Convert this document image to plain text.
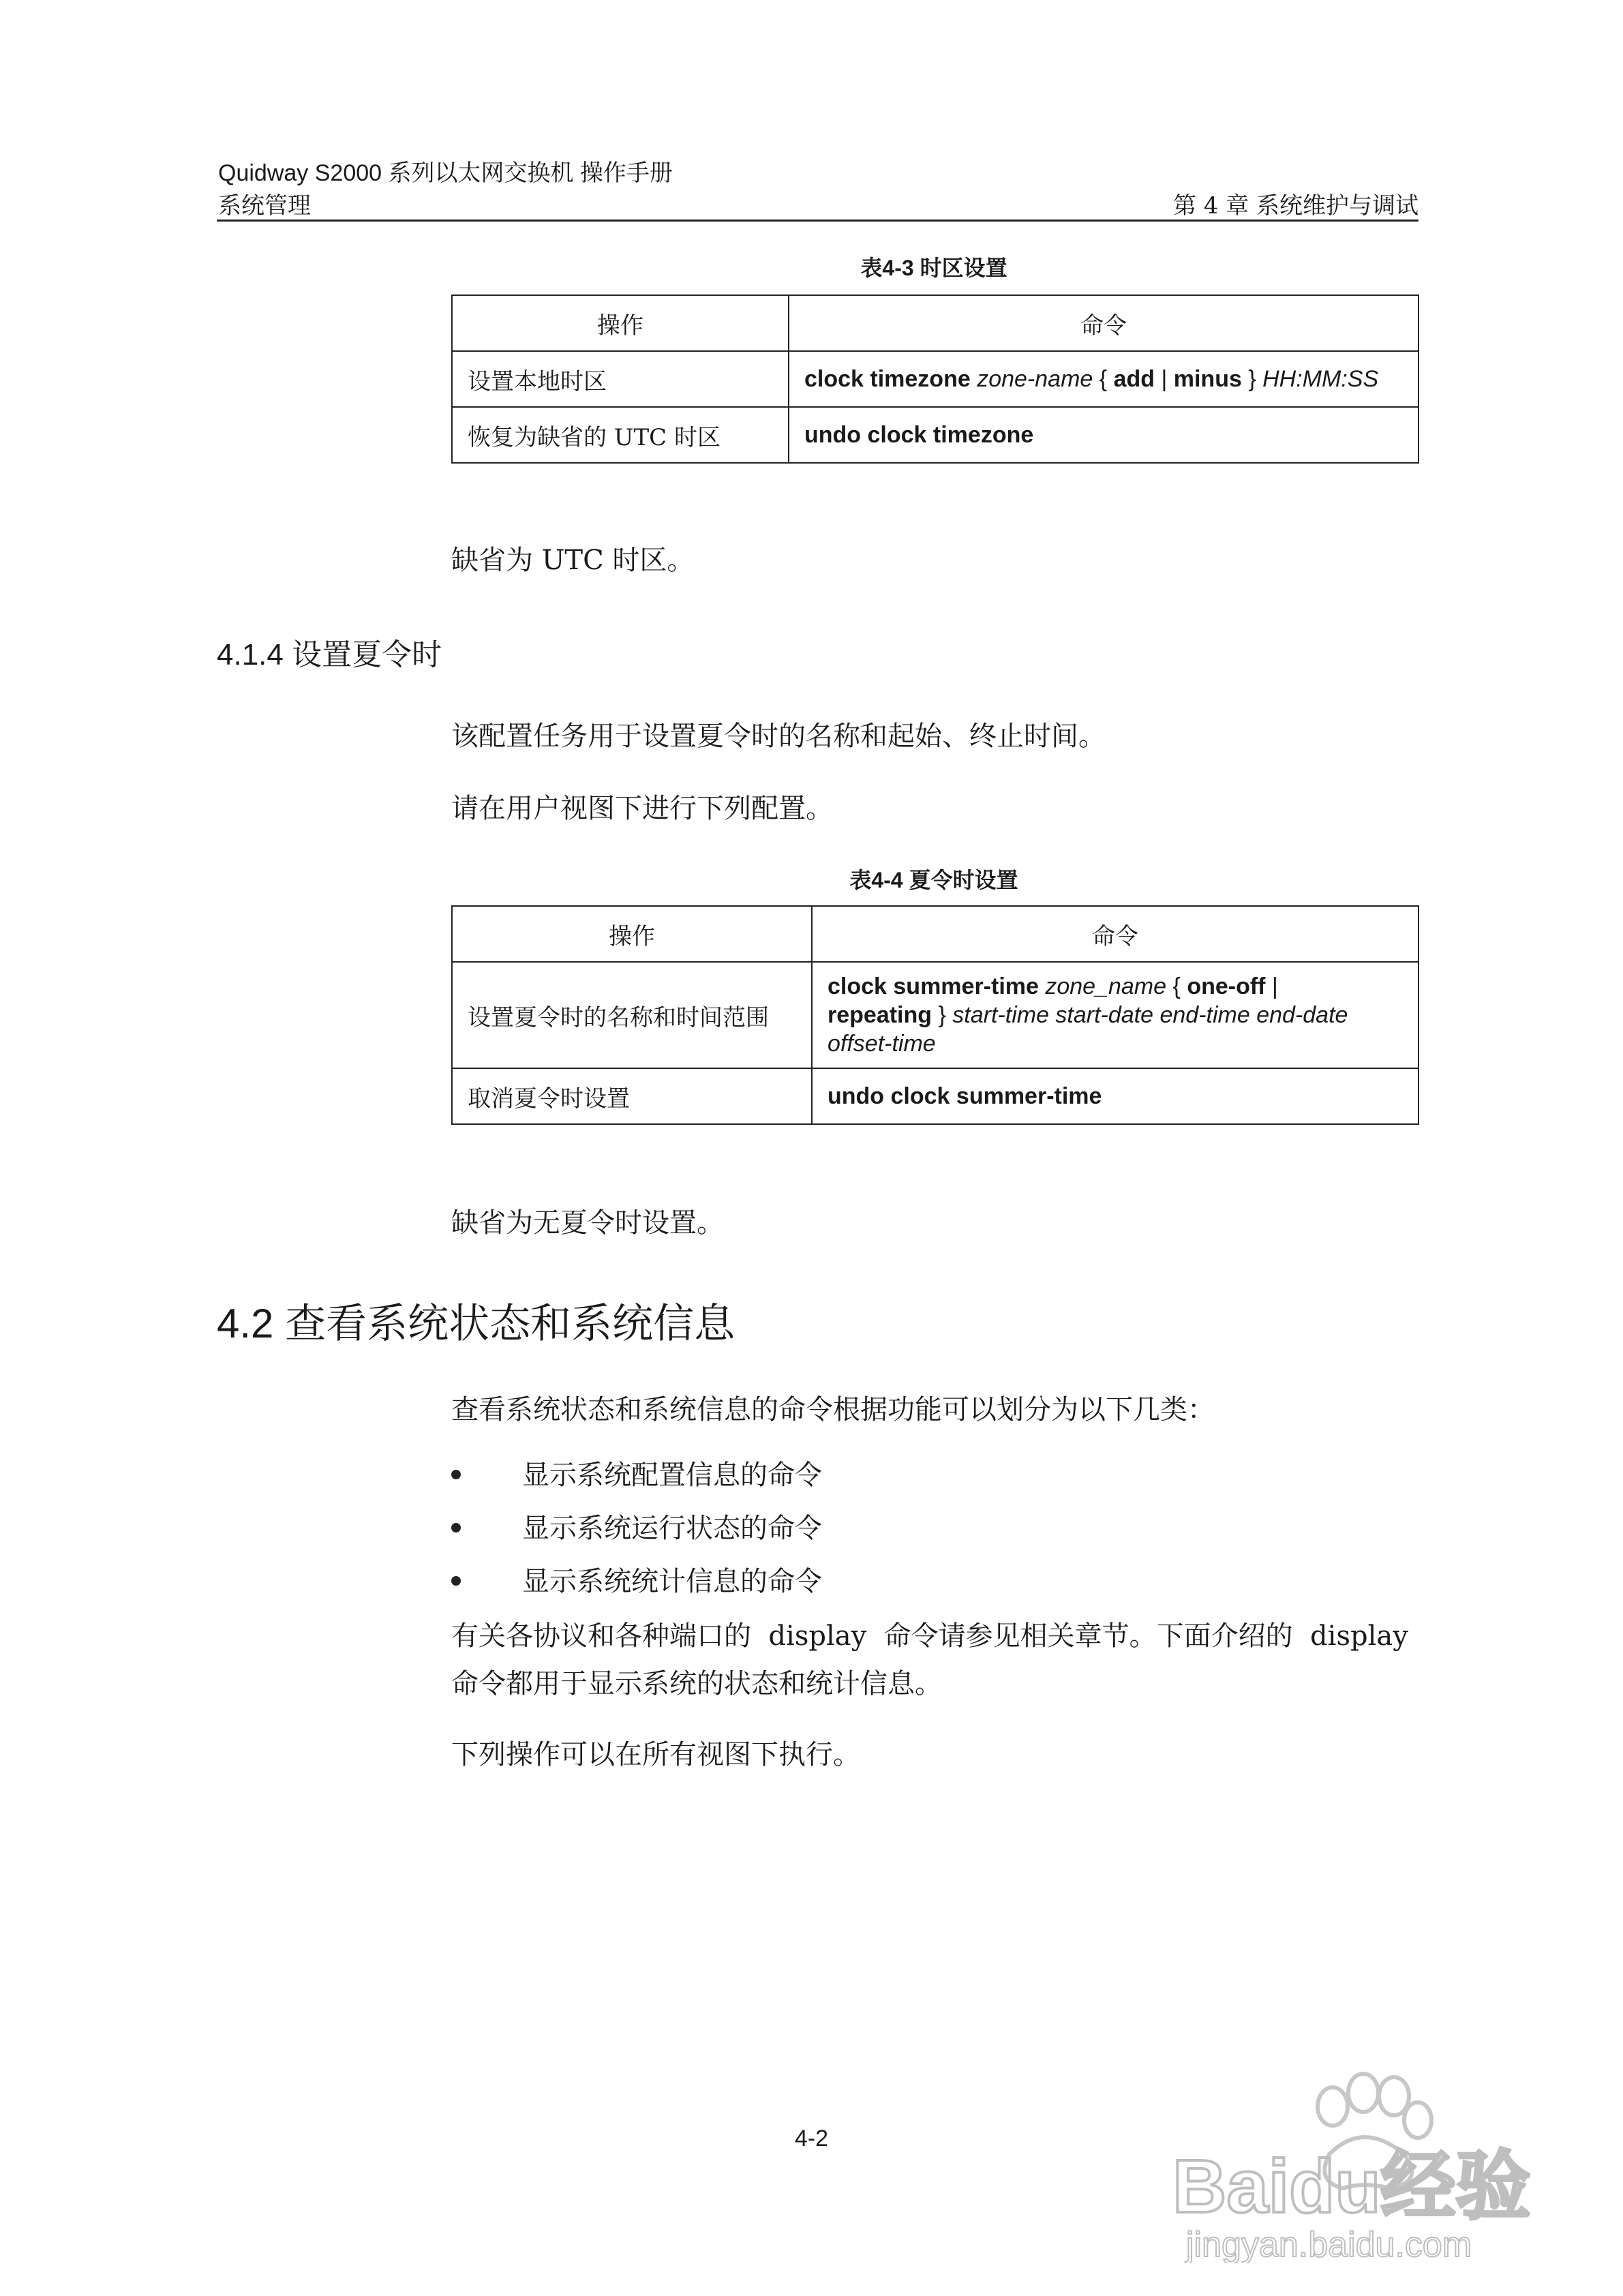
Quidway S2000 系列以太网交换机 操作手册
系统管理	第 4 章 系统维护与调试
表4-3 时区设置
操作	命令
设置本地时区	clock timezone zone-name { add | minus } HH:MM:SS
恢复为缺省的 UTC 时区	undo clock timezone
缺省为 UTC 时区。
4.1.4 设置夏令时
该配置任务用于设置夏令时的名称和起始、终止时间。
请在用户视图下进行下列配置。
表4-4 夏令时设置
操作	命令
设置夏令时的名称和时间范围	clock summer-time zone_name { one-off |
repeating } start-time start-date end-time end-date
offset-time
取消夏令时设置	undo clock summer-time
缺省为无夏令时设置。
4.2 查看系统状态和系统信息
查看系统状态和系统信息的命令根据功能可以划分为以下几类：
显示系统配置信息的命令
显示系统运行状态的命令
显示系统统计信息的命令
有关各协议和各种端口的  display  命令请参见相关章节。下面介绍的  display
命令都用于显示系统的状态和统计信息。
下列操作可以在所有视图下执行。
4-2
Baidu经验
jingyan.baidu.com
